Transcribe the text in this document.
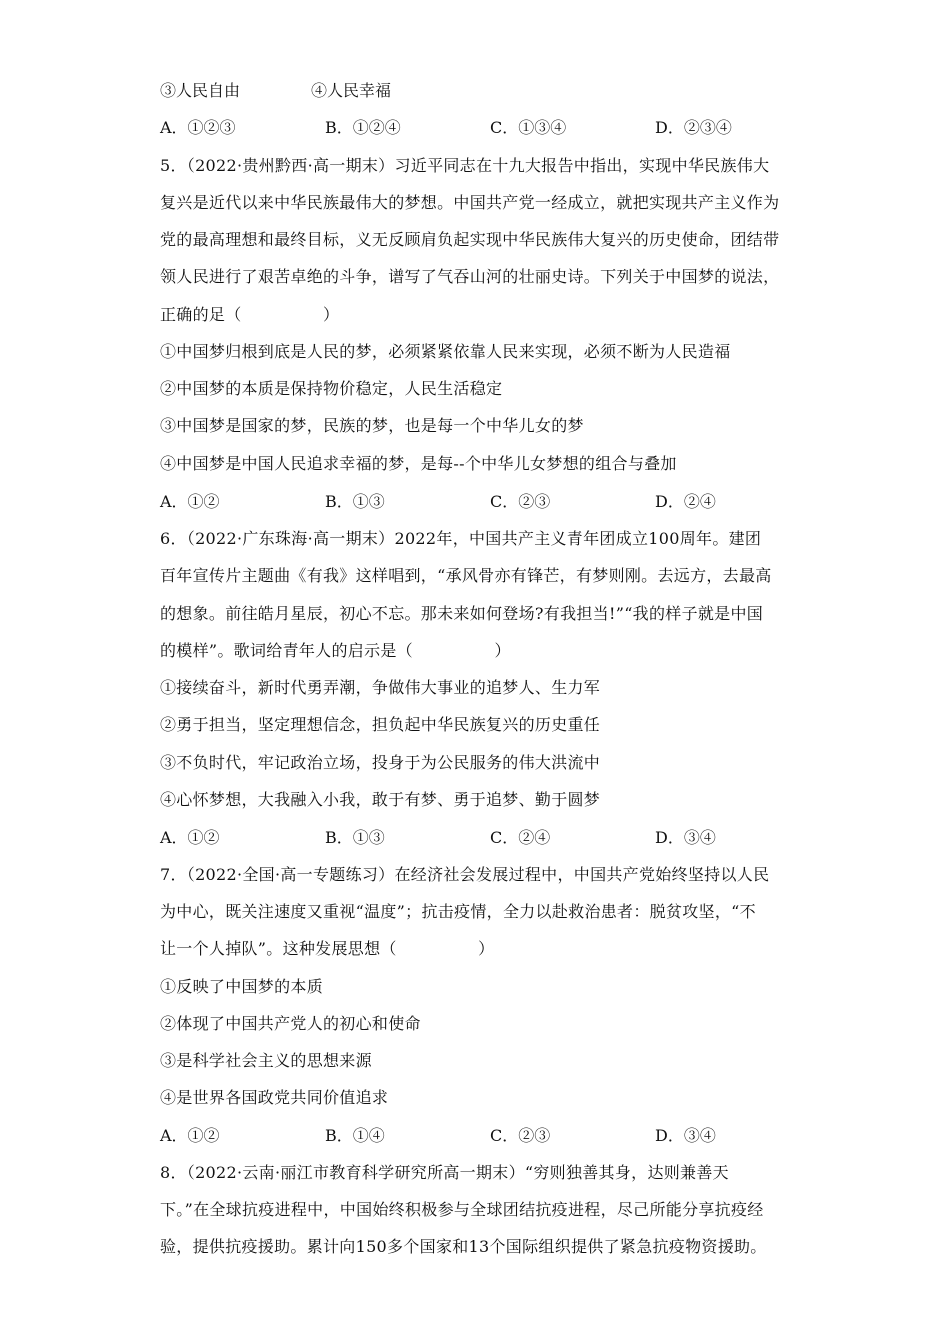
③人民自由	④人民幸福
A．①②③	B．①②④	C．①③④	D．②③④
5．（2022·贵州黔西·高一期末）习近平同志在十九大报告中指出，实现中华民族伟大
复兴是近代以来中华民族最伟大的梦想。中国共产党一经成立，就把实现共产主义作为
党的最高理想和最终目标，义无反顾肩负起实现中华民族伟大复兴的历史使命，团结带
领人民进行了艰苦卓绝的斗争，谱写了气吞山河的壮丽史诗。下列关于中国梦的说法，
正确的足（　　　　　）
①中国梦归根到底是人民的梦，必须紧紧依靠人民来实现，必须不断为人民造福
②中国梦的本质是保持物价稳定，人民生活稳定
③中国梦是国家的梦，民族的梦，也是每一个中华儿女的梦
④中国梦是中国人民追求幸福的梦，是每--个中华儿女梦想的组合与叠加
A．①②	B．①③	C．②③	D．②④
6．（2022·广东珠海·高一期末）2022年，中国共产主义青年团成立100周年。建团
百年宣传片主题曲《有我》这样唱到，“承风骨亦有锋芒，有梦则刚。去远方，去最高
的想象。前往皓月星辰，初心不忘。那未来如何登场?有我担当!”“我的样子就是中国
的模样”。歌词给青年人的启示是（　　　　　）
①接续奋斗，新时代勇弄潮，争做伟大事业的追梦人、生力军
②勇于担当，坚定理想信念，担负起中华民族复兴的历史重任
③不负时代，牢记政治立场，投身于为公民服务的伟大洪流中
④心怀梦想，大我融入小我，敢于有梦、勇于追梦、勤于圆梦
A．①②	B．①③	C．②④	D．③④
7．（2022·全国·高一专题练习）在经济社会发展过程中，中国共产党始终坚持以人民
为中心，既关注速度又重视“温度”；抗击疫情，全力以赴救治患者：脱贫攻坚，“不
让一个人掉队”。这种发展思想（　　　　　）
①反映了中国梦的本质
②体现了中国共产党人的初心和使命
③是科学社会主义的思想来源
④是世界各国政党共同价值追求
A．①②	B．①④	C．②③	D．③④
8．（2022·云南·丽江市教育科学研究所高一期末）“穷则独善其身，达则兼善天
下。”在全球抗疫进程中，中国始终积极参与全球团结抗疫进程，尽己所能分享抗疫经
验，提供抗疫援助。累计向150多个国家和13个国际组织提供了紧急抗疫物资援助。
